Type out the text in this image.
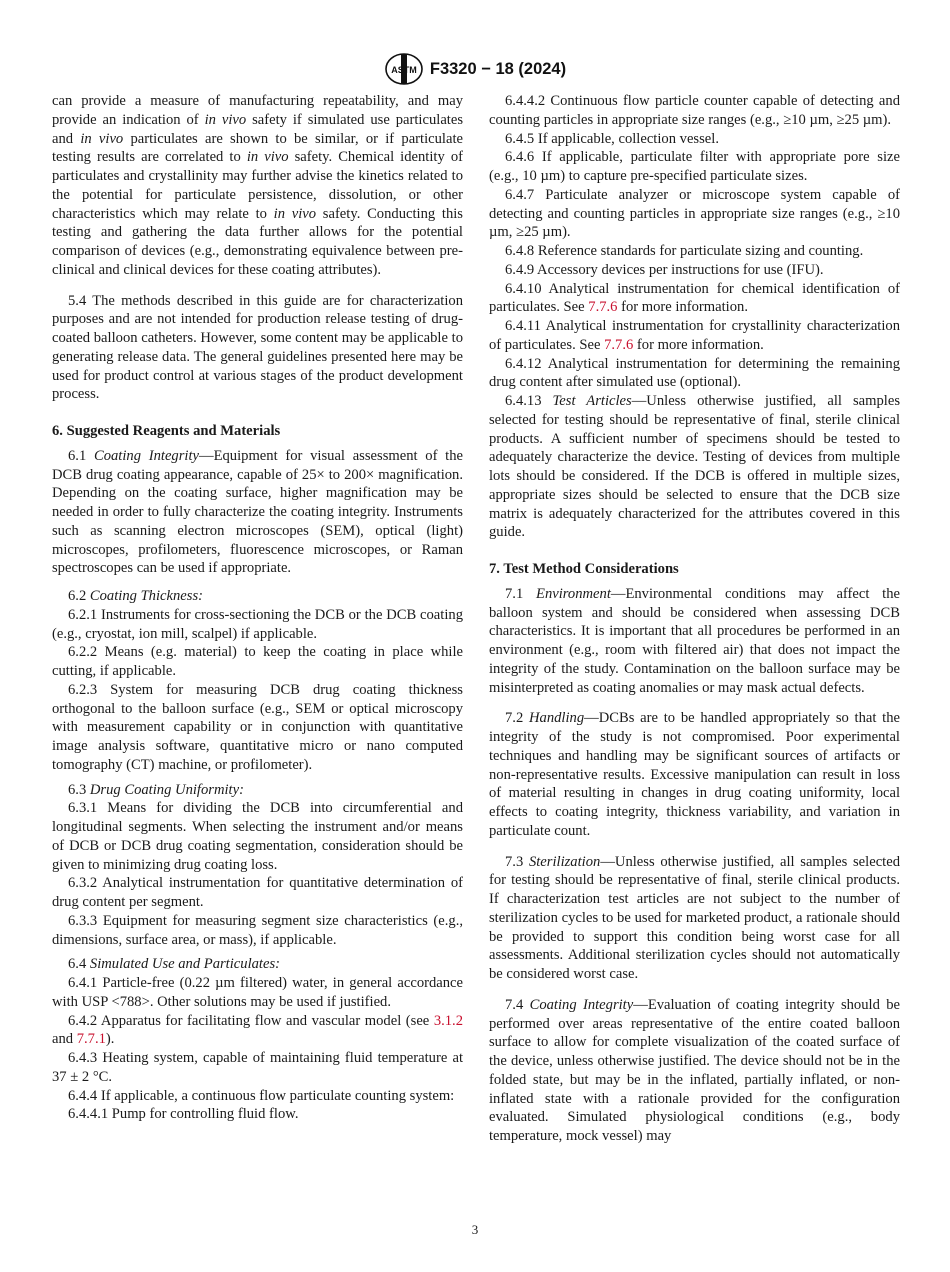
ASTM F3320 − 18 (2024)

can provide a measure of manufacturing repeatability, and may provide an indication of in vivo safety if simulated use particulates and in vivo particulates are shown to be similar, or if particulate testing results are correlated to in vivo safety. Chemical identity of particulates and crystallinity may further advise the kinetics related to the potential for particulate persistence, dissolution, or other characteristics which may relate to in vivo safety. Conducting this testing and gathering the data further allows for the potential comparison of devices (e.g., demonstrating equivalence between pre-clinical and clinical devices for these coating attributes).

5.4 The methods described in this guide are for characterization purposes and are not intended for production release testing of drug-coated balloon catheters. However, some content may be applicable to generating release data. The general guidelines presented here may be used for product control at various stages of the product development process.

6. Suggested Reagents and Materials

6.1 Coating Integrity—Equipment for visual assessment of the DCB drug coating appearance, capable of 25× to 200× magnification. Depending on the coating surface, higher magnification may be needed in order to fully characterize the coating integrity. Instruments such as scanning electron microscopes (SEM), optical (light) microscopes, profilometers, fluorescence microscopes, or Raman spectroscopes can be used if appropriate.

6.2 Coating Thickness:

6.2.1 Instruments for cross-sectioning the DCB or the DCB coating (e.g., cryostat, ion mill, scalpel) if applicable.

6.2.2 Means (e.g. material) to keep the coating in place while cutting, if applicable.

6.2.3 System for measuring DCB drug coating thickness orthogonal to the balloon surface (e.g., SEM or optical microscopy with measurement capability or in conjunction with quantitative image analysis software, quantitative micro or nano computed tomography (CT) machine, or profilometer).

6.3 Drug Coating Uniformity:

6.3.1 Means for dividing the DCB into circumferential and longitudinal segments. When selecting the instrument and/or means of DCB or DCB drug coating segmentation, consideration should be given to minimizing drug coating loss.

6.3.2 Analytical instrumentation for quantitative determination of drug content per segment.

6.3.3 Equipment for measuring segment size characteristics (e.g., dimensions, surface area, or mass), if applicable.

6.4 Simulated Use and Particulates:

6.4.1 Particle-free (0.22 µm filtered) water, in general accordance with USP <788>. Other solutions may be used if justified.

6.4.2 Apparatus for facilitating flow and vascular model (see 3.1.2 and 7.7.1).

6.4.3 Heating system, capable of maintaining fluid temperature at 37 ± 2 °C.

6.4.4 If applicable, a continuous flow particulate counting system:

6.4.4.1 Pump for controlling fluid flow.

6.4.4.2 Continuous flow particle counter capable of detecting and counting particles in appropriate size ranges (e.g., ≥10 µm, ≥25 µm).

6.4.5 If applicable, collection vessel.

6.4.6 If applicable, particulate filter with appropriate pore size (e.g., 10 µm) to capture pre-specified particulate sizes.

6.4.7 Particulate analyzer or microscope system capable of detecting and counting particles in appropriate size ranges (e.g., ≥10 µm, ≥25 µm).

6.4.8 Reference standards for particulate sizing and counting.

6.4.9 Accessory devices per instructions for use (IFU).

6.4.10 Analytical instrumentation for chemical identification of particulates. See 7.7.6 for more information.

6.4.11 Analytical instrumentation for crystallinity characterization of particulates. See 7.7.6 for more information.

6.4.12 Analytical instrumentation for determining the remaining drug content after simulated use (optional).

6.4.13 Test Articles—Unless otherwise justified, all samples selected for testing should be representative of final, sterile clinical products. A sufficient number of specimens should be tested to adequately characterize the device. Testing of devices from multiple lots should be considered. If the DCB is offered in multiple sizes, appropriate sizes should be selected to ensure that the DCB size matrix is adequately characterized for the attributes covered in this guide.

7. Test Method Considerations

7.1 Environment—Environmental conditions may affect the balloon system and should be considered when assessing DCB characteristics. It is important that all procedures be performed in an environment (e.g., room with filtered air) that does not impact the integrity of the study. Contamination on the balloon surface may be misinterpreted as coating anomalies or may mask actual defects.

7.2 Handling—DCBs are to be handled appropriately so that the integrity of the study is not compromised. Poor experimental techniques and handling may be significant sources of artifacts or non-representative results. Excessive manipulation can result in loss of material resulting in changes in drug coating uniformity, local effects to coating integrity, thickness variability, and variation in particulate count.

7.3 Sterilization—Unless otherwise justified, all samples selected for testing should be representative of final, sterile clinical products. If characterization test articles are not subject to the number of sterilization cycles to be used for marketed product, a rationale should be provided to support this condition being worst case for all assessments. Additional sterilization cycles should not automatically be considered worst case.

7.4 Coating Integrity—Evaluation of coating integrity should be performed over areas representative of the entire coated balloon surface to allow for complete visualization of the coated surface of the device, unless otherwise justified. The device should not be in the folded state, but may be in the inflated, partially inflated, or non-inflated state with a rationale provided for the configuration evaluated. Simulated physiological conditions (e.g., body temperature, mock vessel) may

3
